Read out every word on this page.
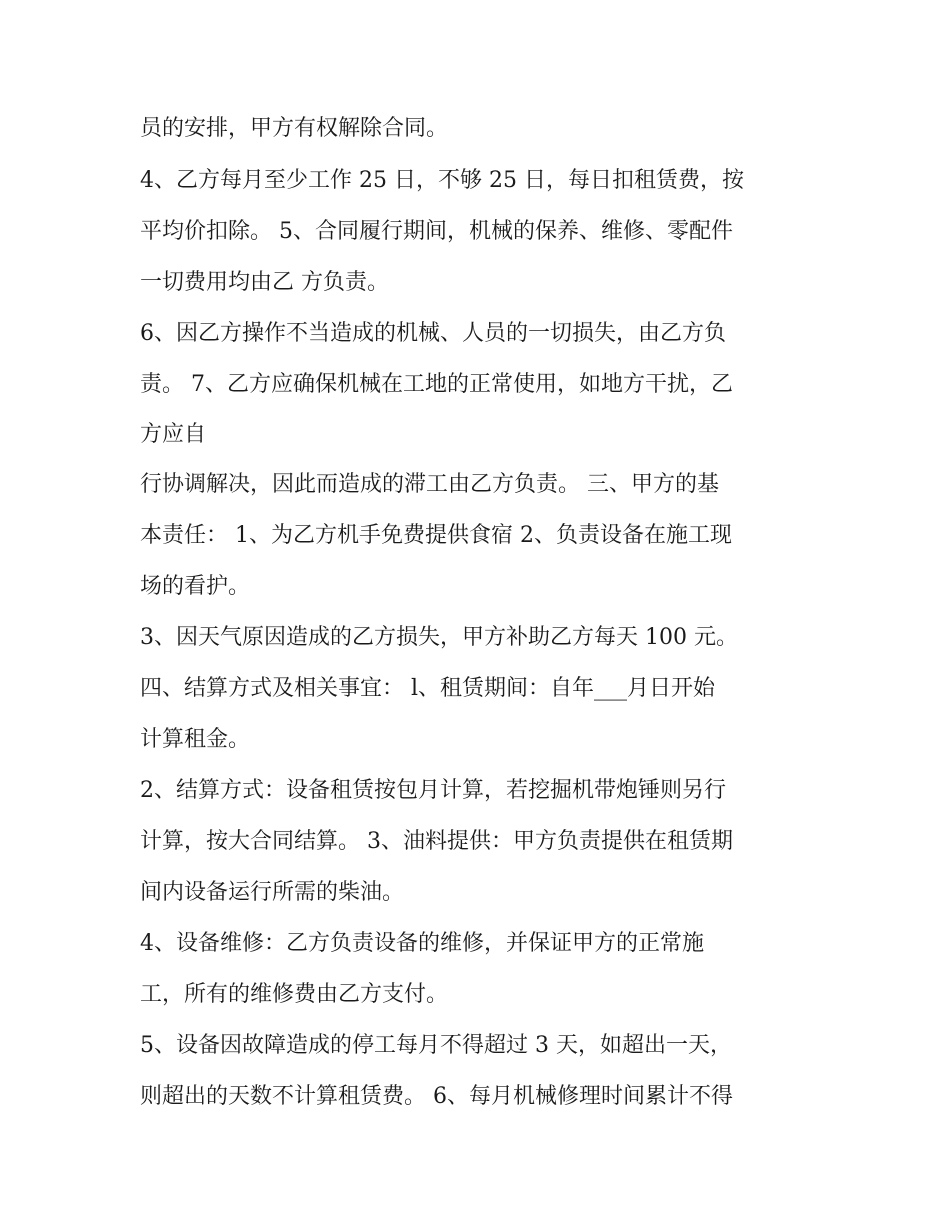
员的安排，甲方有权解除合同。
4、乙方每月至少工作 25 日，不够 25 日，每日扣租赁费，按
平均价扣除。 5、合同履行期间，机械的保养、维修、零配件
一切费用均由乙 方负责。
6、因乙方操作不当造成的机械、人员的一切损失，由乙方负
责。 7、乙方应确保机械在工地的正常使用，如地方干扰，乙
方应自
行协调解决，因此而造成的滞工由乙方负责。 三、甲方的基
本责任： 1、为乙方机手免费提供食宿 2、负责设备在施工现
场的看护。
3、因天气原因造成的乙方损失，甲方补助乙方每天 100 元。
四、结算方式及相关事宜： l、租赁期间：自年___月日开始
计算租金。
2、结算方式：设备租赁按包月计算，若挖掘机带炮锤则另行
计算，按大合同结算。 3、油料提供：甲方负责提供在租赁期
间内设备运行所需的柴油。
4、设备维修：乙方负责设备的维修，并保证甲方的正常施
工，所有的维修费由乙方支付。
5、设备因故障造成的停工每月不得超过 3 天，如超出一天，
则超出的天数不计算租赁费。 6、每月机械修理时间累计不得
